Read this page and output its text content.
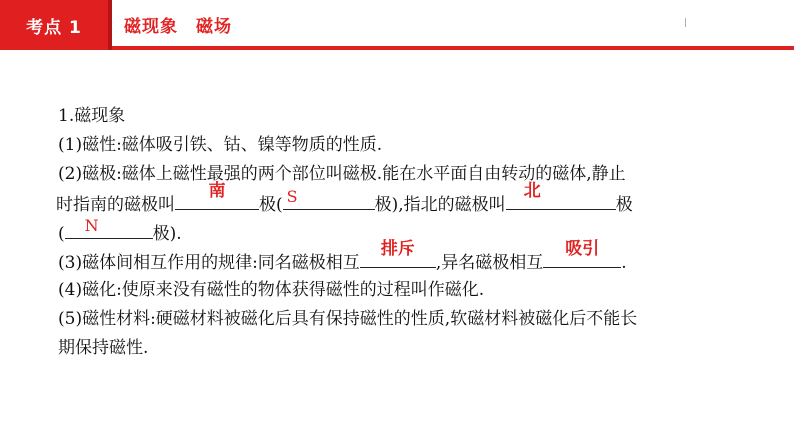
考点 1	磁现象　磁场
1.磁现象
(1)磁性:磁体吸引铁、钴、镍等物质的性质.
(2)磁极:磁体上磁性最强的两个部位叫磁极.能在水平面自由转动的磁体,静止
时指南的磁极叫
南
极( S	极),指北的磁极叫
北
极
( N	极).
(3)磁体间相互作用的规律:同名磁极相互
排斥
,异名磁极相互
吸引
.
(4)磁化:使原来没有磁性的物体获得磁性的过程叫作磁化.
(5)磁性材料:硬磁材料被磁化后具有保持磁性的性质,软磁材料被磁化后不能长
期保持磁性.
